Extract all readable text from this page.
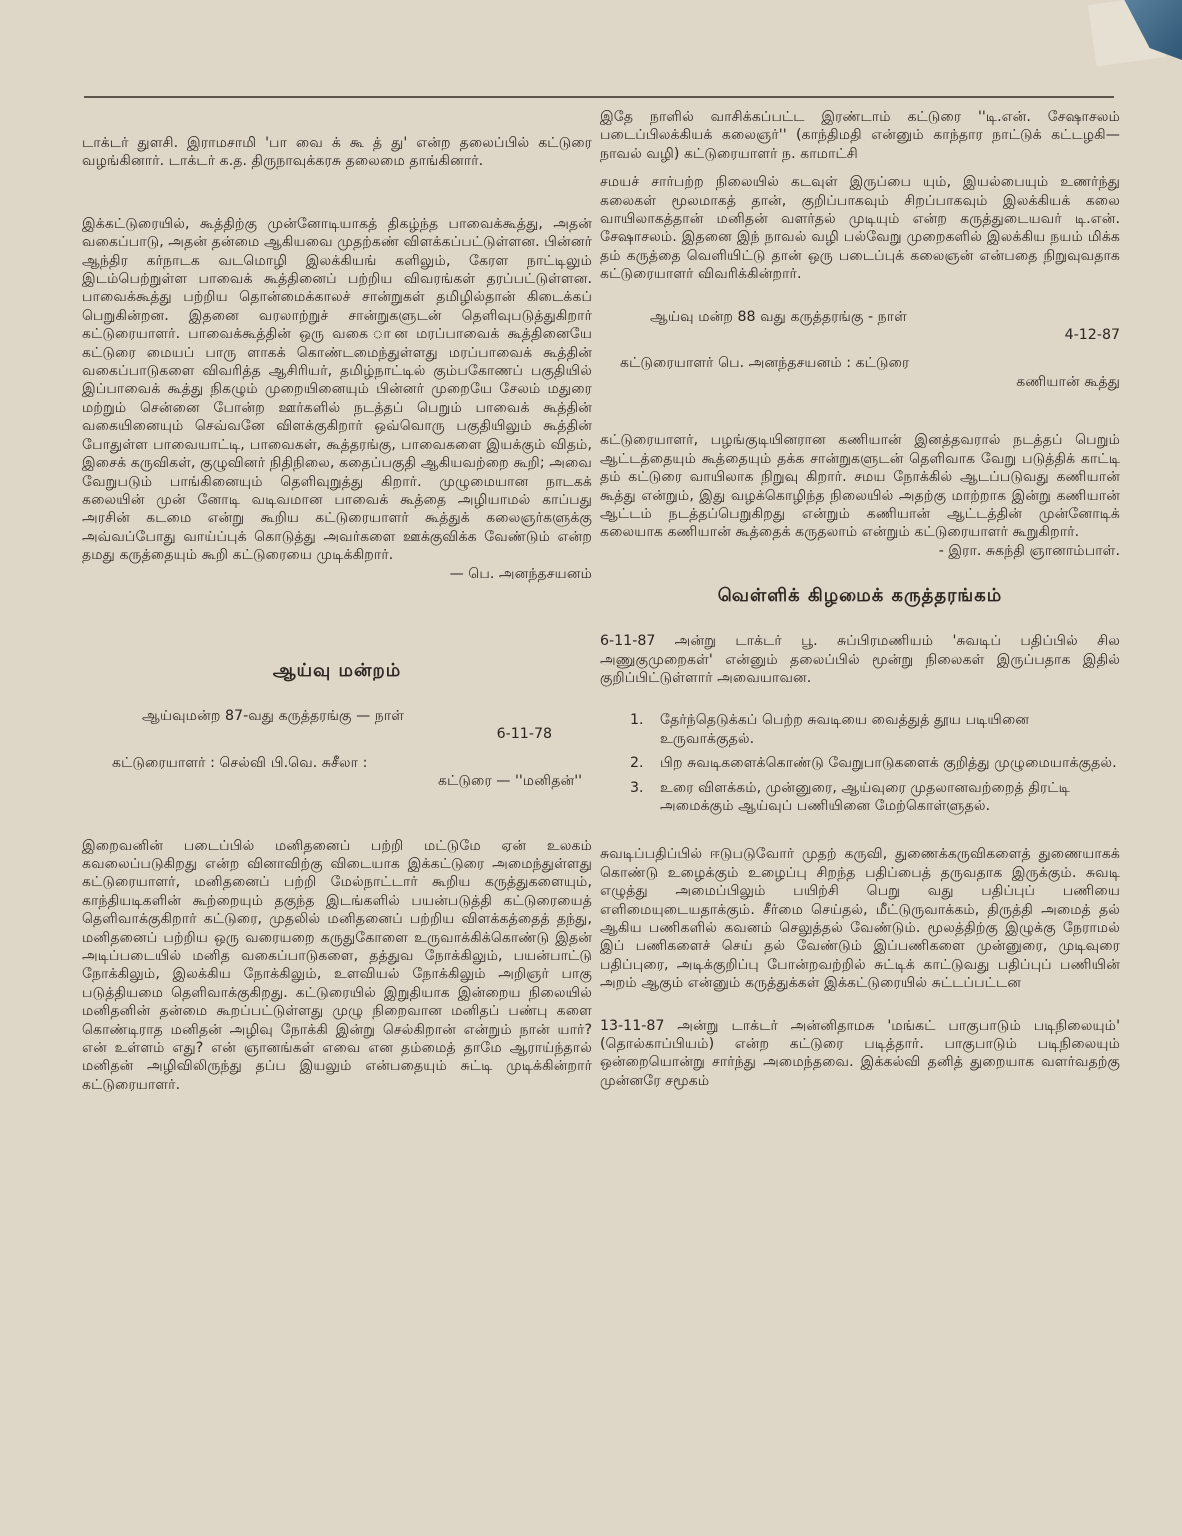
டாக்டர் துளசி. இராமசாமி 'பா வை க் கூ த் து' என்ற தலைப்பில் கட்டுரை வழங்கினார். டாக்டர் க.த. திருநாவுக்கரசு தலைமை தாங்கினார்.

இக்கட்டுரையில், கூத்திற்கு முன்னோடியாகத் திகழ்ந்த பாவைக்கூத்து, அதன் வகைப்பாடு, அதன் தன்மை ஆகியவை முதற்கண் விளக்கப்பட்டுள்ளன. பின்னர் ஆந்திர கர்நாடக வடமொழி இலக்கியங் களிலும், கேரள நாட்டிலும் இடம்பெற்றுள்ள பாவைக் கூத்தினைப் பற்றிய விவரங்கள் தரப்பட்டுள்ளன. பாவைக்கூத்து பற்றிய தொன்மைக்காலச் சான்றுகள் தமிழில்தான் கிடைக்கப் பெறுகின்றன. இதனை வரலாற்றுச் சான்றுகளுடன் தெளிவுபடுத்துகிறார் கட்டுரையாளர். பாவைக்கூத்தின் ஒரு வகை ான மரப்பாவைக் கூத்தினையே கட்டுரை மையப் பாரு ளாகக் கொண்டமைந்துள்ளது மரப்பாவைக் கூத்தின் வகைப்பாடுகளை விவரித்த ஆசிரியர், தமிழ்நாட்டில் கும்பகோணப் பகுதியில் இப்பாவைக் கூத்து நிகழும் முறையினையும் பின்னர் முறையே சேலம் மதுரை மற்றும் சென்னை போன்ற ஊர்களில் நடத்தப் பெறும் பாவைக் கூத்தின் வகையினையும் செவ்வனே விளக்குகிறார் ஒவ்வொரு பகுதியிலும் கூத்தின் போதுள்ள பாவையாட்டி, பாவைகள், கூத்தரங்கு, பாவைகளை இயக்கும் விதம், இசைக் கருவிகள், குழுவினர் நிதிநிலை, கதைப்பகுதி ஆகியவற்றை கூறி; அவை வேறுபடும் பாங்கினையும் தெளிவுறுத்து கிறார். முழுமையான நாடகக் கலையின் முன் னோடி வடிவமான பாவைக் கூத்தை அழியாமல் காப்பது அரசின் கடமை என்று கூறிய கட்டுரையாளர் கூத்துக் கலைஞர்களுக்கு அவ்வப்போது வாய்ப்புக் கொடுத்து அவர்களை ஊக்குவிக்க வேண்டும் என்ற தமது கருத்தையும் கூறி கட்டுரையை முடிக்கிறார்.

— பெ. அனந்தசயனம்
ஆய்வு மன்றம்
ஆய்வுமன்ற 87-வது கருத்தரங்கு — நாள்
6-11-78
கட்டுரையாளர் : செல்வி பி.வெ. சுசீலா :
கட்டுரை — ''மனிதன்''

இறைவனின் படைப்பில் மனிதனைப் பற்றி மட்டுமே ஏன் உலகம் கவலைப்படுகிறது என்ற வினாவிற்கு விடையாக இக்கட்டுரை அமைந்துள்ளது கட்டுரையாளர், மனிதனைப் பற்றி மேல்நாட்டார் கூறிய கருத்துகளையும், காந்தியடிகளின் கூற்றையும் தகுந்த இடங்களில் பயன்படுத்தி கட்டுரையைத் தெளிவாக்குகிறார் கட்டுரை, முதலில் மனிதனைப் பற்றிய விளக்கத்தைத் தந்து, மனிதனைப் பற்றிய ஒரு வரையறை கருதுகோளை உருவாக்கிக்கொண்டு இதன் அடிப்படையில் மனித வகைப்பாடுகளை, தத்துவ நோக்கிலும், பயன்பாட்டு நோக்கிலும், இலக்கிய நோக்கிலும், உளவியல் நோக்கிலும் அறிஞர் பாகு படுத்தியமை தெளிவாக்குகிறது. கட்டுரையில் இறுதியாக இன்றைய நிலையில் மனிதனின் தன்மை கூறப்பட்டுள்ளது முழு நிறைவான மனிதப் பண்பு களை கொண்டிராத மனிதன் அழிவு நோக்கி இன்று செல்கிறான் என்றும் நான் யார்? என் உள்ளம் எது? என் ஞானங்கள் எவை என தம்மைத் தாமே ஆராய்ந்தால் மனிதன் அழிவிலிருந்து தப்ப இயலும் என்பதையும் சுட்டி முடிக்கின்றார் கட்டுரையாளர்.

இதே நாளில் வாசிக்கப்பட்ட இரண்டாம் கட்டுரை ''டி.என். சேஷாசலம் படைப்பிலக்கியக் கலைஞர்'' (காந்திமதி என்னும் காந்தார நாட்டுக் கட்டழகி— நாவல் வழி) கட்டுரையாளர் ந. காமாட்சி

சமயச் சார்பற்ற நிலையில் கடவுள் இருப்பை யும், இயல்பையும் உணர்ந்து கலைகள் மூலமாகத் தான், குறிப்பாகவும் சிறப்பாகவும் இலக்கியக் கலை வாயிலாகத்தான் மனிதன் வளர்தல் முடியும் என்ற கருத்துடையவர் டி.என். சேஷாசலம். இதனை இந் நாவல் வழி பல்வேறு முறைகளில் இலக்கிய நயம் மிக்க தம் கருத்தை வெளியிட்டு தான் ஒரு படைப்புக் கலைஞன் என்பதை நிறுவுவதாக கட்டுரையாளர் விவரிக்கின்றார்.

ஆய்வு மன்ற 88 வது கருத்தரங்கு - நாள்
4-12-87
கட்டுரையாளர் பெ. அனந்தசயனம் : கட்டுரை
கணியான் கூத்து

கட்டுரையாளர், பழங்குடியினரான கணியான் இனத்தவரால் நடத்தப் பெறும் ஆட்டத்தையும் கூத்தையும் தக்க சான்றுகளுடன் தெளிவாக வேறு படுத்திக் காட்டி தம் கட்டுரை வாயிலாக நிறுவு கிறார். சமய நோக்கில் ஆடப்படுவது கணியான் கூத்து என்றும், இது வழக்கொழிந்த நிலையில் அதற்கு மாற்றாக இன்று கணியான் ஆட்டம் நடத்தப்பெறுகிறது என்றும் கணியான் ஆட்டத்தின் முன்னோடிக் கலையாக கணியான் கூத்தைக் கருதலாம் என்றும் கட்டுரையாளர் கூறுகிறார்.

- இரா. சுகந்தி ஞானாம்பாள்.
வெள்ளிக் கிழமைக் கருத்தரங்கம்

6-11-87 அன்று டாக்டர் பூ. சுப்பிரமணியம் 'சுவடிப் பதிப்பில் சில அணுகுமுறைகள்' என்னும் தலைப்பில் மூன்று நிலைகள் இருப்பதாக இதில் குறிப்பிட்டுள்ளார் அவையாவன.

1. தேர்ந்தெடுக்கப் பெற்ற சுவடியை வைத்துத் தூய படியினை உருவாக்குதல்.
2. பிற சுவடிகளைக்கொண்டு வேறுபாடுகளைக் குறித்து முழுமையாக்குதல்.
3. உரை விளக்கம், முன்னுரை, ஆய்வுரை முதலானவற்றைத் திரட்டி அமைக்கும் ஆய்வுப் பணியினை மேற்கொள்ளுதல்.

சுவடிப்பதிப்பில் ஈடுபடுவோர் முதற் கருவி, துணைக்கருவிகளைத் துணையாகக் கொண்டு உழைக்கும் உழைப்பு சிறந்த பதிப்பைத் தருவதாக இருக்கும். சுவடி எழுத்து அமைப்பிலும் பயிற்சி பெறு வது பதிப்புப் பணியை எளிமையுடையதாக்கும். சீர்மை செய்தல், மீட்டுருவாக்கம், திருத்தி அமைத் தல் ஆகிய பணிகளில் கவனம் செலுத்தல் வேண்டும். மூலத்திற்கு இழுக்கு நேராமல் இப் பணிகளைச் செய் தல் வேண்டும் இப்பணிகளை முன்னுரை, முடிவுரை பதிப்புரை, அடிக்குறிப்பு போன்றவற்றில் சுட்டிக் காட்டுவது பதிப்புப் பணியின் அறம் ஆகும் என்னும் கருத்துக்கள் இக்கட்டுரையில் சுட்டப்பட்டன

13-11-87 அன்று டாக்டர் அன்னிதாமசு 'மங்கட் பாகுபாடும் படிநிலையும்' (தொல்காப்பியம்) என்ற கட்டுரை படித்தார். பாகுபாடும் படிநிலையும் ஒன்றையொன்று சார்ந்து அமைந்தவை. இக்கல்வி தனித் துறையாக வளர்வதற்கு முன்னரே சமூகம்
